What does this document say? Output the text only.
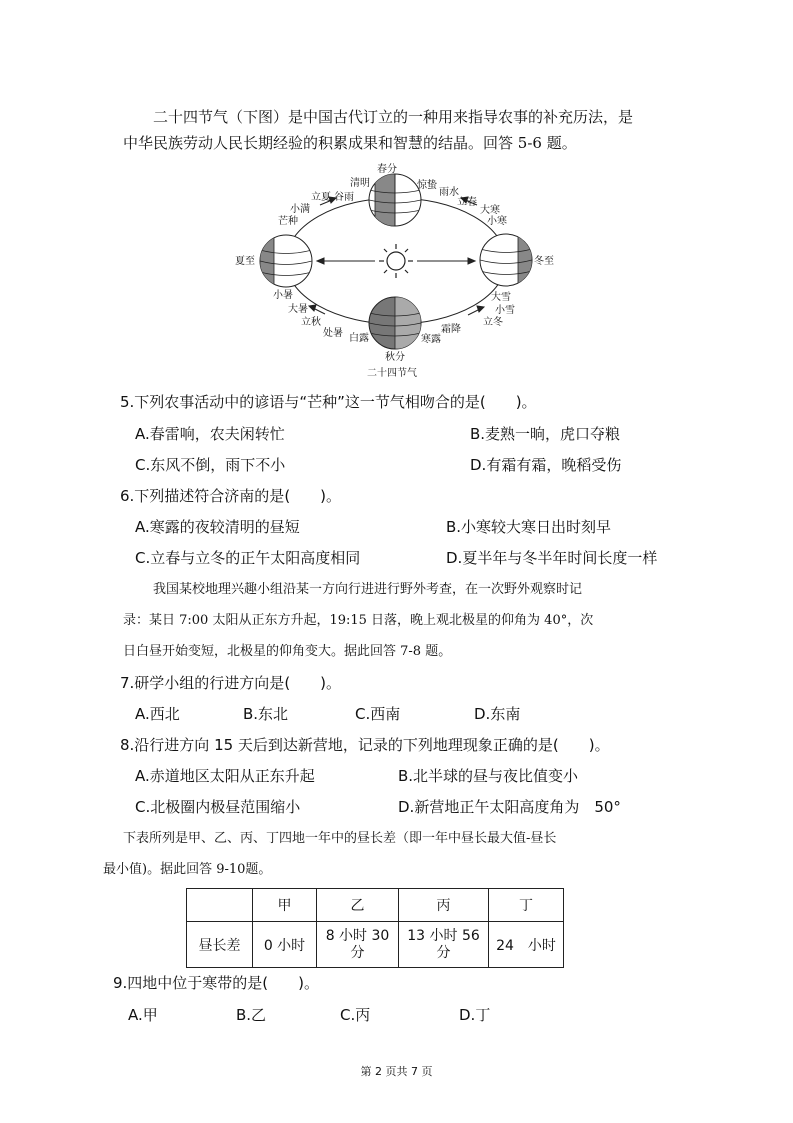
二十四节气（下图）是中国古代订立的一种用来指导农事的补充历法，是
中华民族劳动人民长期经验的积累成果和智慧的结晶。回答 5-6 题。
春分
清明	惊蛰
雨水
立夏 谷雨	立春
大寒
小满
小寒
芒种
夏至	冬至
小暑	大雪
大暑	小雪
立秋	立冬
处暑	霜降
白露	寒露
秋分
二十四节气
5.下列农事活动中的谚语与“芒种”这一节气相吻合的是(　　)。
A.春雷响，农夫闲转忙	B.麦熟一晌，虎口夺粮
C.东风不倒，雨下不小	D.有霜有霜，晚稻受伤
6.下列描述符合济南的是(　　)。
A.寒露的夜较清明的昼短	B.小寒较大寒日出时刻早
C.立春与立冬的正午太阳高度相同	D.夏半年与冬半年时间长度一样
我国某校地理兴趣小组沿某一方向行进进行野外考查，在一次野外观察时记
录：某日 7:00 太阳从正东方升起，19:15 日落，晚上观北极星的仰角为 40°，次
日白昼开始变短，北极星的仰角变大。据此回答 7-8 题。
7.研学小组的行进方向是(　　)。
A.西北	B.东北	C.西南	D.东南
8.沿行进方向 15 天后到达新营地，记录的下列地理现象正确的是(　　)。
A.赤道地区太阳从正东升起	B.北半球的昼与夜比值变小
C.北极圈内极昼范围缩小	D.新营地正午太阳高度角为　50°
下表所列是甲、乙、丙、丁四地一年中的昼长差（即一年中昼长最大值-昼长
最小值)。据此回答 9-10题。
	甲	乙	丙	丁
昼长差	0 小时	8 小时 30 分	13 小时 56 分	24　小时
9.四地中位于寒带的是(　　)。
A.甲	B.乙	C.丙	D.丁
第 2 页共 7 页
